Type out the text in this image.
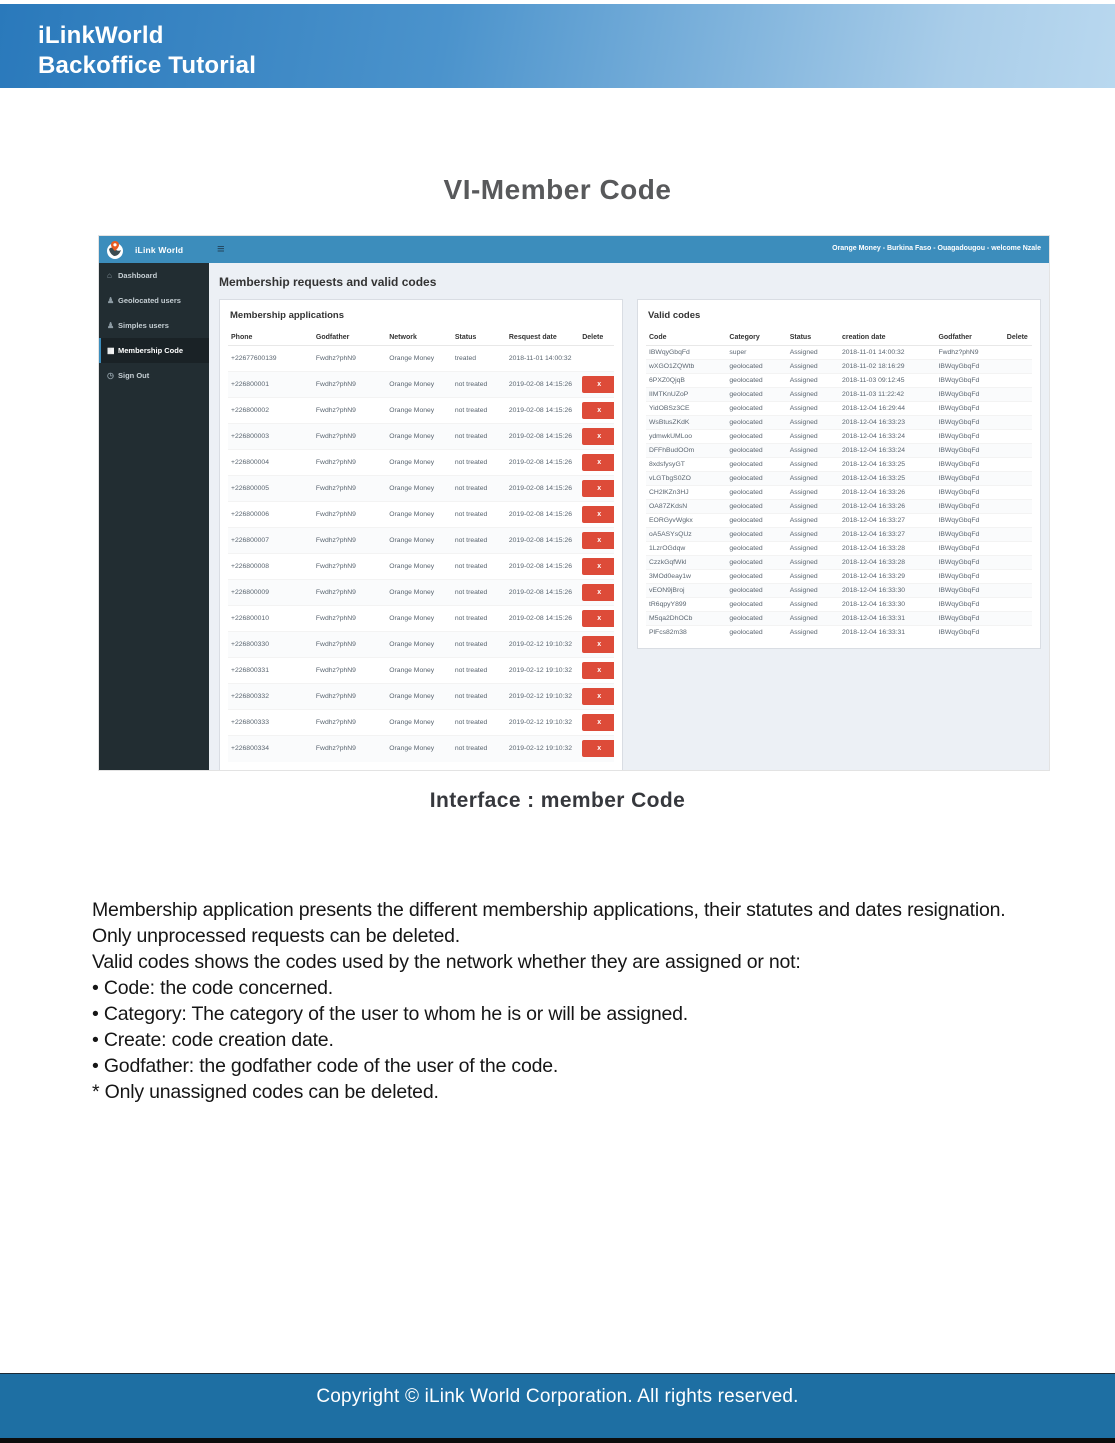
iLinkWorld
Backoffice Tutorial
VI-Member Code
iLink World	≡	Orange Money - Burkina Faso - Ouagadougou - welcome Nzale
⌂ Dashboard
♟ Geolocated users
♟ Simples users
▦ Membership Code
◷ Sign Out
Membership requests and valid codes
Membership applications
Phone	Godfather	Network	Status	Resquest date	Delete
+22677600139	Fwdhz?phN9	Orange Money	treated	2018-11-01 14:00:32	
+226800001	Fwdhz?phN9	Orange Money	not treated	2019-02-08 14:15:26	x

+226800002	Fwdhz?phN9	Orange Money	not treated	2019-02-08 14:15:26	x

+226800003	Fwdhz?phN9	Orange Money	not treated	2019-02-08 14:15:26	x

+226800004	Fwdhz?phN9	Orange Money	not treated	2019-02-08 14:15:26	x

+226800005	Fwdhz?phN9	Orange Money	not treated	2019-02-08 14:15:26	x

+226800006	Fwdhz?phN9	Orange Money	not treated	2019-02-08 14:15:26	x

+226800007	Fwdhz?phN9	Orange Money	not treated	2019-02-08 14:15:26	x

+226800008	Fwdhz?phN9	Orange Money	not treated	2019-02-08 14:15:26	x

+226800009	Fwdhz?phN9	Orange Money	not treated	2019-02-08 14:15:26	x

+226800010	Fwdhz?phN9	Orange Money	not treated	2019-02-08 14:15:26	x

+226800330	Fwdhz?phN9	Orange Money	not treated	2019-02-12 19:10:32	x

+226800331	Fwdhz?phN9	Orange Money	not treated	2019-02-12 19:10:32	x

+226800332	Fwdhz?phN9	Orange Money	not treated	2019-02-12 19:10:32	x

+226800333	Fwdhz?phN9	Orange Money	not treated	2019-02-12 19:10:32	x

+226800334	Fwdhz?phN9	Orange Money	not treated	2019-02-12 19:10:32	x
Valid codes
Code	Category	Status	creation date	Godfather	Delete
IBWqyGbqFd	super	Assigned	2018-11-01 14:00:32	Fwdhz?phN9	
wXGO1ZQWtb	geolocated	Assigned	2018-11-02 18:16:29	IBWqyGbqFd	
6PXZ0QjqB	geolocated	Assigned	2018-11-03 09:12:45	IBWqyGbqFd	
IIMTKnUZoP	geolocated	Assigned	2018-11-03 11:22:42	IBWqyGbqFd	
YidOBSz3CE	geolocated	Assigned	2018-12-04 16:29:44	IBWqyGbqFd	
WsBtusZKdK	geolocated	Assigned	2018-12-04 16:33:23	IBWqyGbqFd	
ydmwkUMLoo	geolocated	Assigned	2018-12-04 16:33:24	IBWqyGbqFd	
DFFhBudOOm	geolocated	Assigned	2018-12-04 16:33:24	IBWqyGbqFd	
8xdsfysyGT	geolocated	Assigned	2018-12-04 16:33:25	IBWqyGbqFd	
vLGTbgS0ZO	geolocated	Assigned	2018-12-04 16:33:25	IBWqyGbqFd	
CH2lKZn3HJ	geolocated	Assigned	2018-12-04 16:33:26	IBWqyGbqFd	
OA87ZKdsN	geolocated	Assigned	2018-12-04 16:33:26	IBWqyGbqFd	
EORGyvWgkx	geolocated	Assigned	2018-12-04 16:33:27	IBWqyGbqFd	
oA5ASYsQUz	geolocated	Assigned	2018-12-04 16:33:27	IBWqyGbqFd	
1LzrOGdqw	geolocated	Assigned	2018-12-04 16:33:28	IBWqyGbqFd	
CzzkGqfWkl	geolocated	Assigned	2018-12-04 16:33:28	IBWqyGbqFd	
3MOd0eay1w	geolocated	Assigned	2018-12-04 16:33:29	IBWqyGbqFd	
vEON9jBroj	geolocated	Assigned	2018-12-04 16:33:30	IBWqyGbqFd	
tR6qpyY899	geolocated	Assigned	2018-12-04 16:33:30	IBWqyGbqFd	
M5qa2DhOCb	geolocated	Assigned	2018-12-04 16:33:31	IBWqyGbqFd	
PlFcs82m38	geolocated	Assigned	2018-12-04 16:33:31	IBWqyGbqFd	
Interface : member Code
Membership application presents the different membership applications, their statutes and dates resignation. Only unprocessed requests can be deleted.
Valid codes shows the codes used by the network whether they are assigned or not:
• Code: the code concerned.
• Category: The category of the user to whom he is or will be assigned.
• Create: code creation date.
• Godfather: the godfather code of the user of the code.
* Only unassigned codes can be deleted.
Copyright © iLink World Corporation. All rights reserved.
